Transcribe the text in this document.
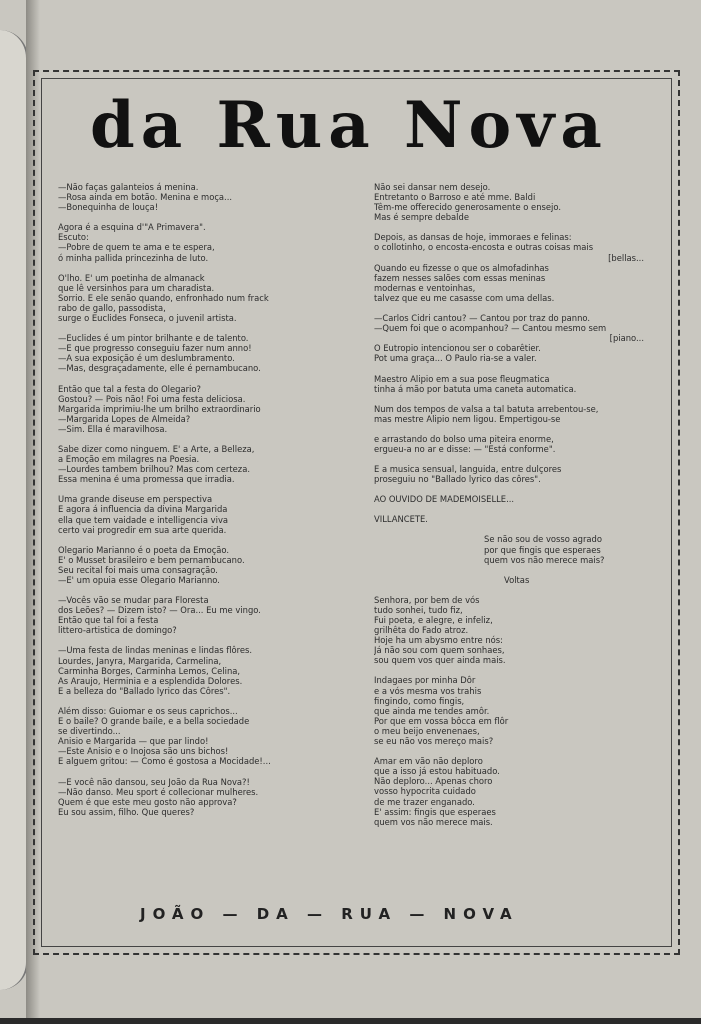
da Rua Nova
—Não faças galanteios á menina.
—Rosa ainda em botão. Menina e moça...
—Bonequinha de louça!
Agora é a esquina d'"A Primavera".
Escuto:
—Pobre de quem te ama e te espera,
ó minha pallida princezinha de luto.
O'lho. E' um poetinha de almanack
que lê versinhos para um charadista.
Sorrio. E ele senão quando, enfronhado num frack
rabo de gallo, passodista,
surge o Euclides Fonseca, o juvenil artista.
—Euclides é um pintor brilhante e de talento.
—E que progresso conseguiu fazer num anno!
—A sua exposição é um deslumbramento.
—Mas, desgraçadamente, elle é pernambucano.
Então que tal a festa do Olegario?
Gostou? — Pois não! Foi uma festa deliciosa.
Margarida imprimiu-lhe um brilho extraordinario
—Margarida Lopes de Almeida?
—Sim. Ella é maravilhosa.
Sabe dizer como ninguem. E' a Arte, a Belleza,
a Emoção em milagres na Poesia.
—Lourdes tambem brilhou? Mas com certeza.
Essa menina é uma promessa que irradia.
Uma grande diseuse em perspectiva
E agora á influencia da divina Margarida
ella que tem vaidade e intelligencia viva
certo vai progredir em sua arte querida.
Olegario Marianno é o poeta da Emoção.
E' o Musset brasileiro e bem pernambucano.
Seu recital foi mais uma consagração.
—E' um opuia esse Olegario Marianno.
—Vocês vão se mudar para Floresta
dos Leões? — Dizem isto? — Ora... Eu me vingo.
Então que tal foi a festa
littero-artistica de domingo?
—Uma festa de lindas meninas e lindas flôres.
Lourdes, Janyra, Margarida, Carmelina,
Carminha Borges, Carminha Lemos, Celina,
As Araujo, Herminia e a esplendida Dolores.
E a belleza do "Ballado lyrico das Côres".
Além disso: Guiomar e os seus caprichos...
E o baile? O grande baile, e a bella sociedade
se divertindo...
Anisio e Margarida — que par lindo!
—Este Anisio e o Inojosa são uns bichos!
E alguem gritou: — Como é gostosa a Mocidade!...
—E você não dansou, seu João da Rua Nova?!
—Não danso. Meu sport é collecionar mulheres.
Quem é que este meu gosto não approva?
Eu sou assim, filho. Que queres?
Não sei dansar nem desejo.
Entretanto o Barroso e até mme. Baldi
Têm-me offerecido generosamente o ensejo.
Mas é sempre debalde
Depois, as dansas de hoje, immoraes e felinas:
o collotinho, o encosta-encosta e outras coisas mais
[bellas...
Quando eu fizesse o que os almofadinhas
fazem nesses salões com essas meninas
modernas e ventoinhas,
talvez que eu me casasse com uma dellas.
—Carlos Cidri cantou? — Cantou por traz do panno.
—Quem foi que o acompanhou? — Cantou mesmo sem
[piano...
O Eutropio intencionou ser o cobarêtier.
Pot uma graça... O Paulo ria-se a valer.
Maestro Alipio em a sua pose fleugmatica
tinha á mão por batuta uma caneta automatica.
Num dos tempos de valsa a tal batuta arrebentou-se,
mas mestre Alipio nem ligou. Empertigou-se
e arrastando do bolso uma piteira enorme,
ergueu-a no ar e disse: — "Está conforme".
E a musica sensual, languida, entre dulçores
proseguiu no "Ballado lyrico das côres".
AO OUVIDO DE MADEMOISELLE...
VILLANCETE.
Se não sou de vosso agrado
por que fingis que esperaes
quem vos não merece mais?
Voltas
Senhora, por bem de vós
tudo sonhei, tudo fiz,
Fui poeta, e alegre, e infeliz,
grilhêta do Fado atroz.
Hoje ha um abysmo entre nós:
Já não sou com quem sonhaes,
sou quem vos quer ainda mais.
Indagaes por minha Dôr
e a vós mesma vos trahis
fingindo, como fingis,
que ainda me tendes amôr.
Por que em vossa bôcca em flôr
o meu beijo envenenaes,
se eu não vos mereço mais?
Amar em vão não deploro
que a isso já estou habituado.
Não deploro... Apenas choro
vosso hypocrita cuidado
de me trazer enganado.
E' assim: fingis que esperaes
quem vos não merece mais.
JOÃO — DA — RUA — NOVA
